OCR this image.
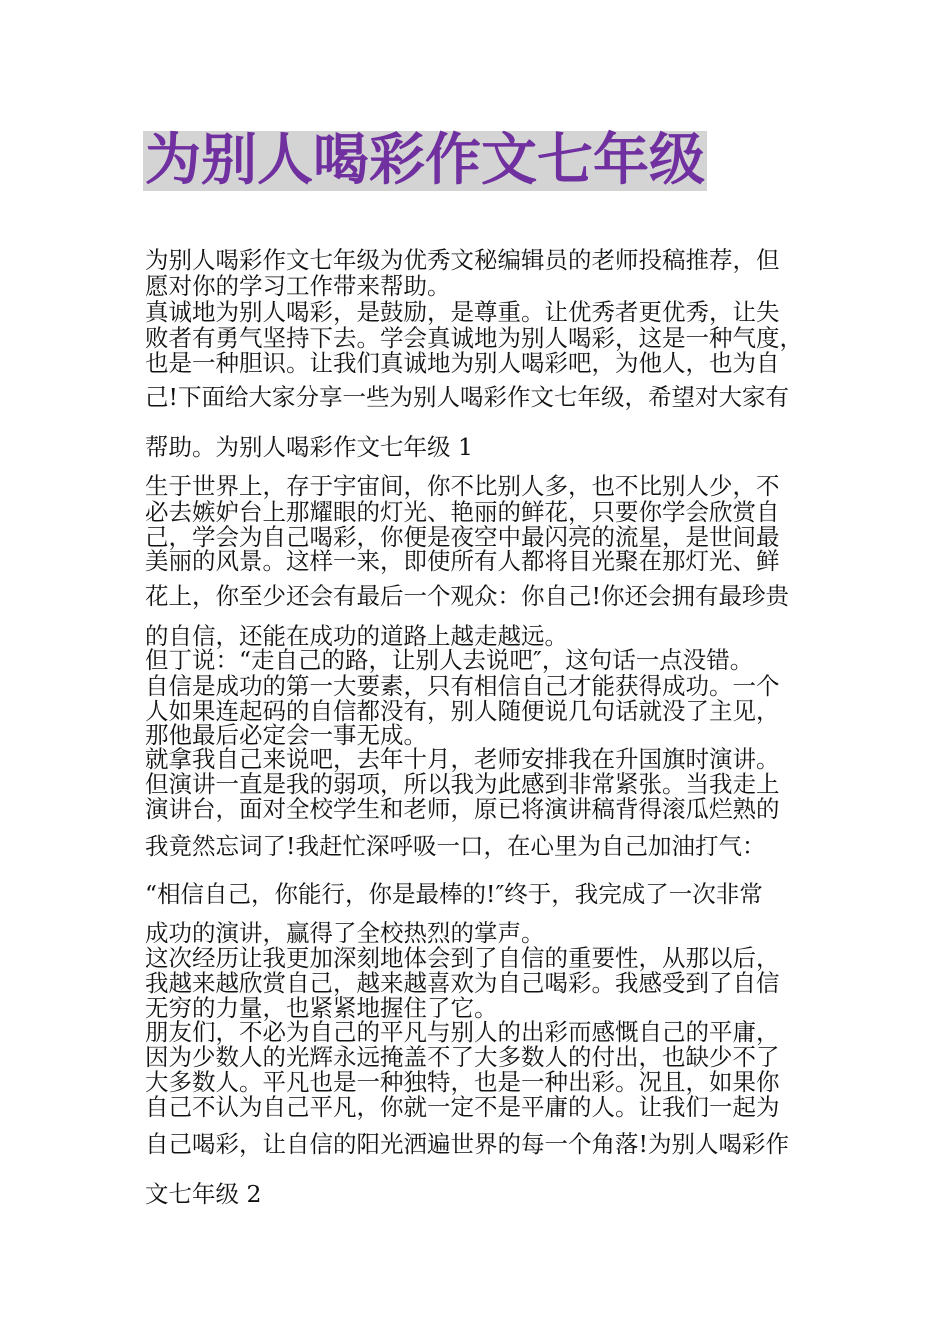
为别人喝彩作文七年级

为别人喝彩作文七年级为优秀文秘编辑员的老师投稿推荐，但

愿对你的学习工作带来帮助。

真诚地为别人喝彩，是鼓励，是尊重。让优秀者更优秀，让失

败者有勇气坚持下去。学会真诚地为别人喝彩，这是一种气度，

也是一种胆识。让我们真诚地为别人喝彩吧，为他人，也为自

己!下面给大家分享一些为别人喝彩作文七年级，希望对大家有

帮助。为别人喝彩作文七年级 1

生于世界上，存于宇宙间，你不比别人多，也不比别人少，不

必去嫉妒台上那耀眼的灯光、艳丽的鲜花，只要你学会欣赏自

己，学会为自己喝彩，你便是夜空中最闪亮的流星，是世间最

美丽的风景。这样一来，即使所有人都将目光聚在那灯光、鲜

花上，你至少还会有最后一个观众：你自己!你还会拥有最珍贵

的自信，还能在成功的道路上越走越远。

但丁说：“走自己的路，让别人去说吧″，这句话一点没错。

自信是成功的第一大要素，只有相信自己才能获得成功。一个

人如果连起码的自信都没有，别人随便说几句话就没了主见，

那他最后必定会一事无成。

就拿我自己来说吧，去年十月，老师安排我在升国旗时演讲。

但演讲一直是我的弱项，所以我为此感到非常紧张。当我走上

演讲台，面对全校学生和老师，原已将演讲稿背得滚瓜烂熟的

我竟然忘词了!我赶忙深呼吸一口，在心里为自己加油打气：

“相信自己，你能行，你是最棒的!″终于，我完成了一次非常

成功的演讲，赢得了全校热烈的掌声。

这次经历让我更加深刻地体会到了自信的重要性，从那以后，

我越来越欣赏自己，越来越喜欢为自己喝彩。我感受到了自信

无穷的力量，也紧紧地握住了它。

朋友们，不必为自己的平凡与别人的出彩而感慨自己的平庸，

因为少数人的光辉永远掩盖不了大多数人的付出，也缺少不了

大多数人。平凡也是一种独特，也是一种出彩。况且，如果你

自己不认为自己平凡，你就一定不是平庸的人。让我们一起为

自己喝彩，让自信的阳光洒遍世界的每一个角落!为别人喝彩作

文七年级 2
